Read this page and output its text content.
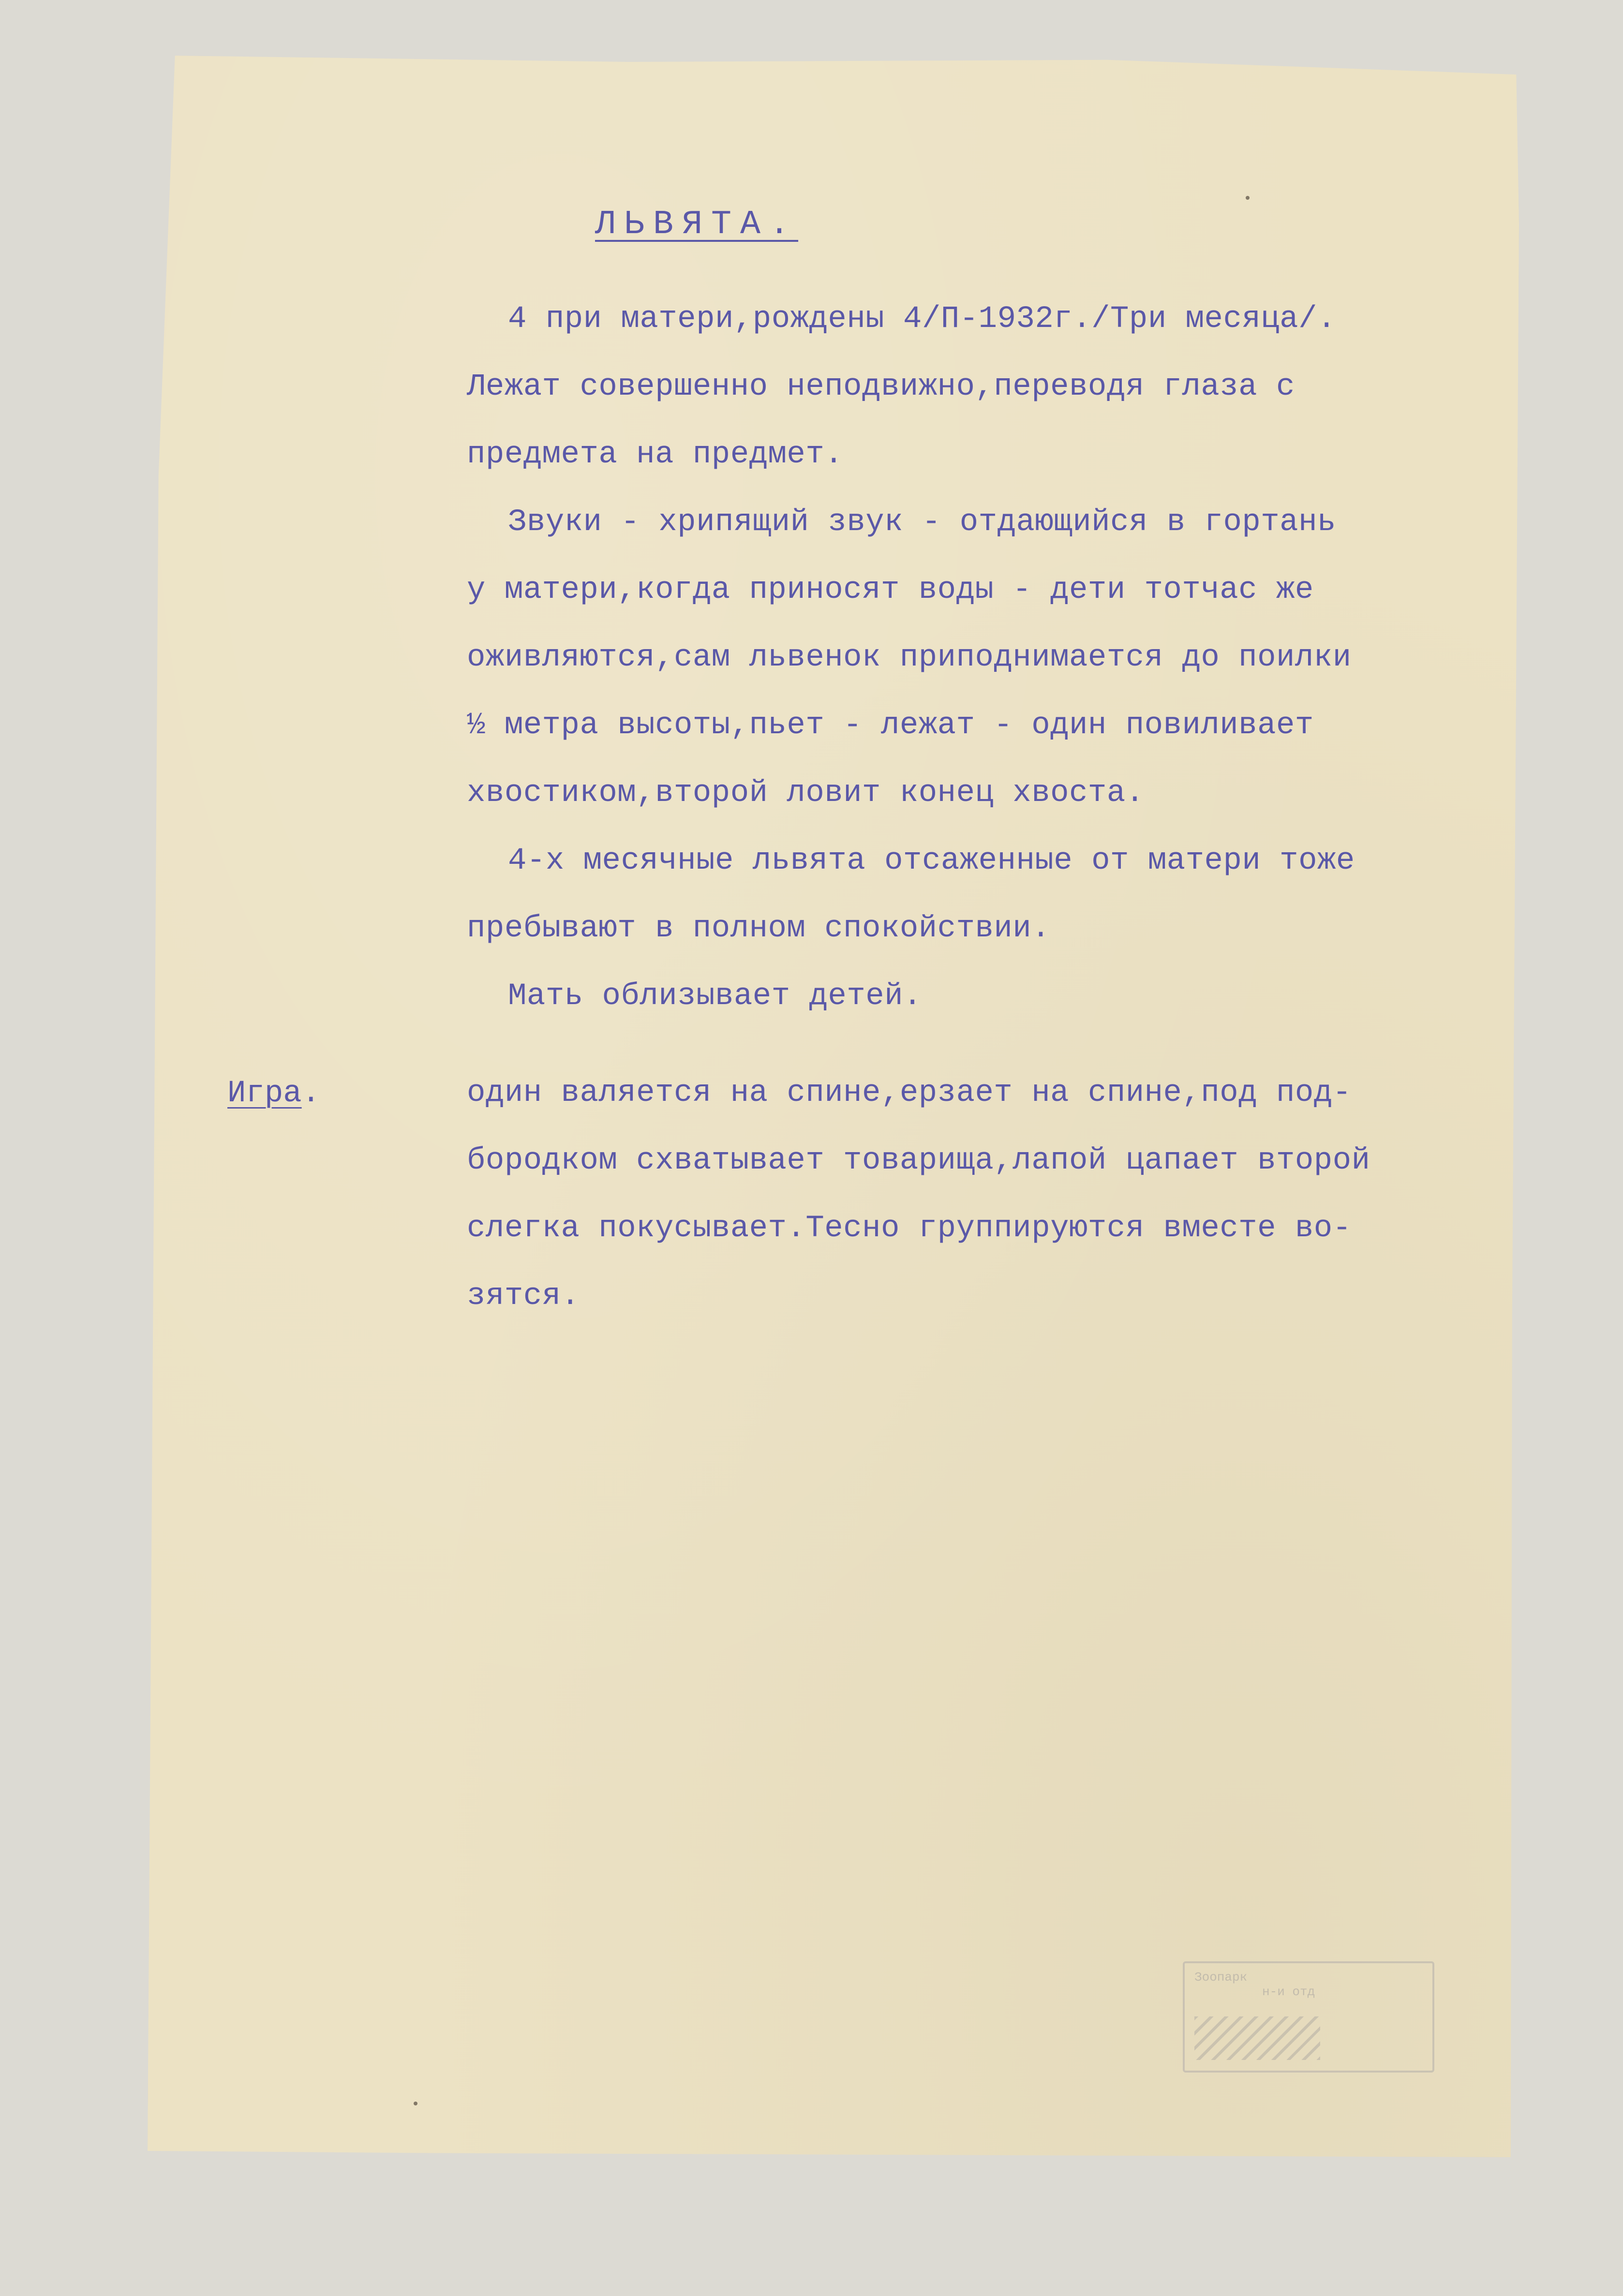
ЛЬВЯТА.
4 при матери,рождены 4/П-1932г./Три месяца/.
Лежат совершенно неподвижно,переводя глаза с
предмета на предмет.
Звуки - хрипящий звук - отдающийся в гортань
у матери,когда приносят воды - дети тотчас же
оживляются,сам львенок приподнимается до поилки
½ метра высоты,пьет - лежат - один повиливает
хвостиком,второй ловит конец хвоста.
4-х месячные львята отсаженные от матери тоже
пребывают в полном спокойствии.
Мать облизывает детей.
Игра.	один валяется на спине,ерзает на спине,под под-
бородком схватывает товарища,лапой цапает второй
слегка покусывает.Тесно группируются вместе во-
зятся.
Зоопарк
н-и отд
